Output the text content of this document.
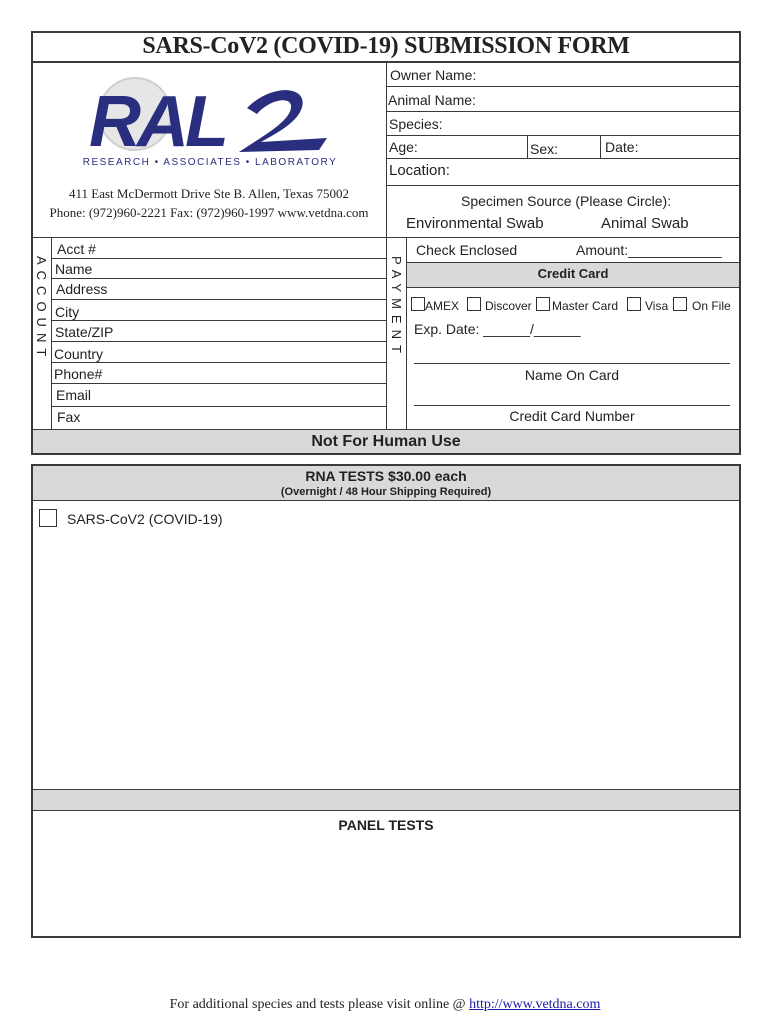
SARS-CoV2 (COVID-19) SUBMISSION FORM
RAL
RESEARCH • ASSOCIATES • LABORATORY
411 East McDermott Drive Ste B. Allen, Texas 75002
Phone: (972)960-2221 Fax: (972)960-1997 www.vetdna.com
Owner Name:
Animal Name:
Species:
Age:	Sex:	Date:
Location:
Specimen Source (Please Circle):
Environmental Swab	Animal Swab
ACCOUNT
Acct #
Name
Address
City
State/ZIP
Country
Phone#
Email
Fax
PAYMENT
Check Enclosed	Amount:____________
Credit Card
AMEX Discover Master Card Visa On File
Exp. Date: ______/______
Name On Card
Credit Card Number
Not For Human Use
RNA TESTS $30.00 each
(Overnight / 48 Hour Shipping Required)
SARS-CoV2 (COVID-19)
PANEL TESTS
For additional species and tests please visit online @ http://www.vetdna.com
